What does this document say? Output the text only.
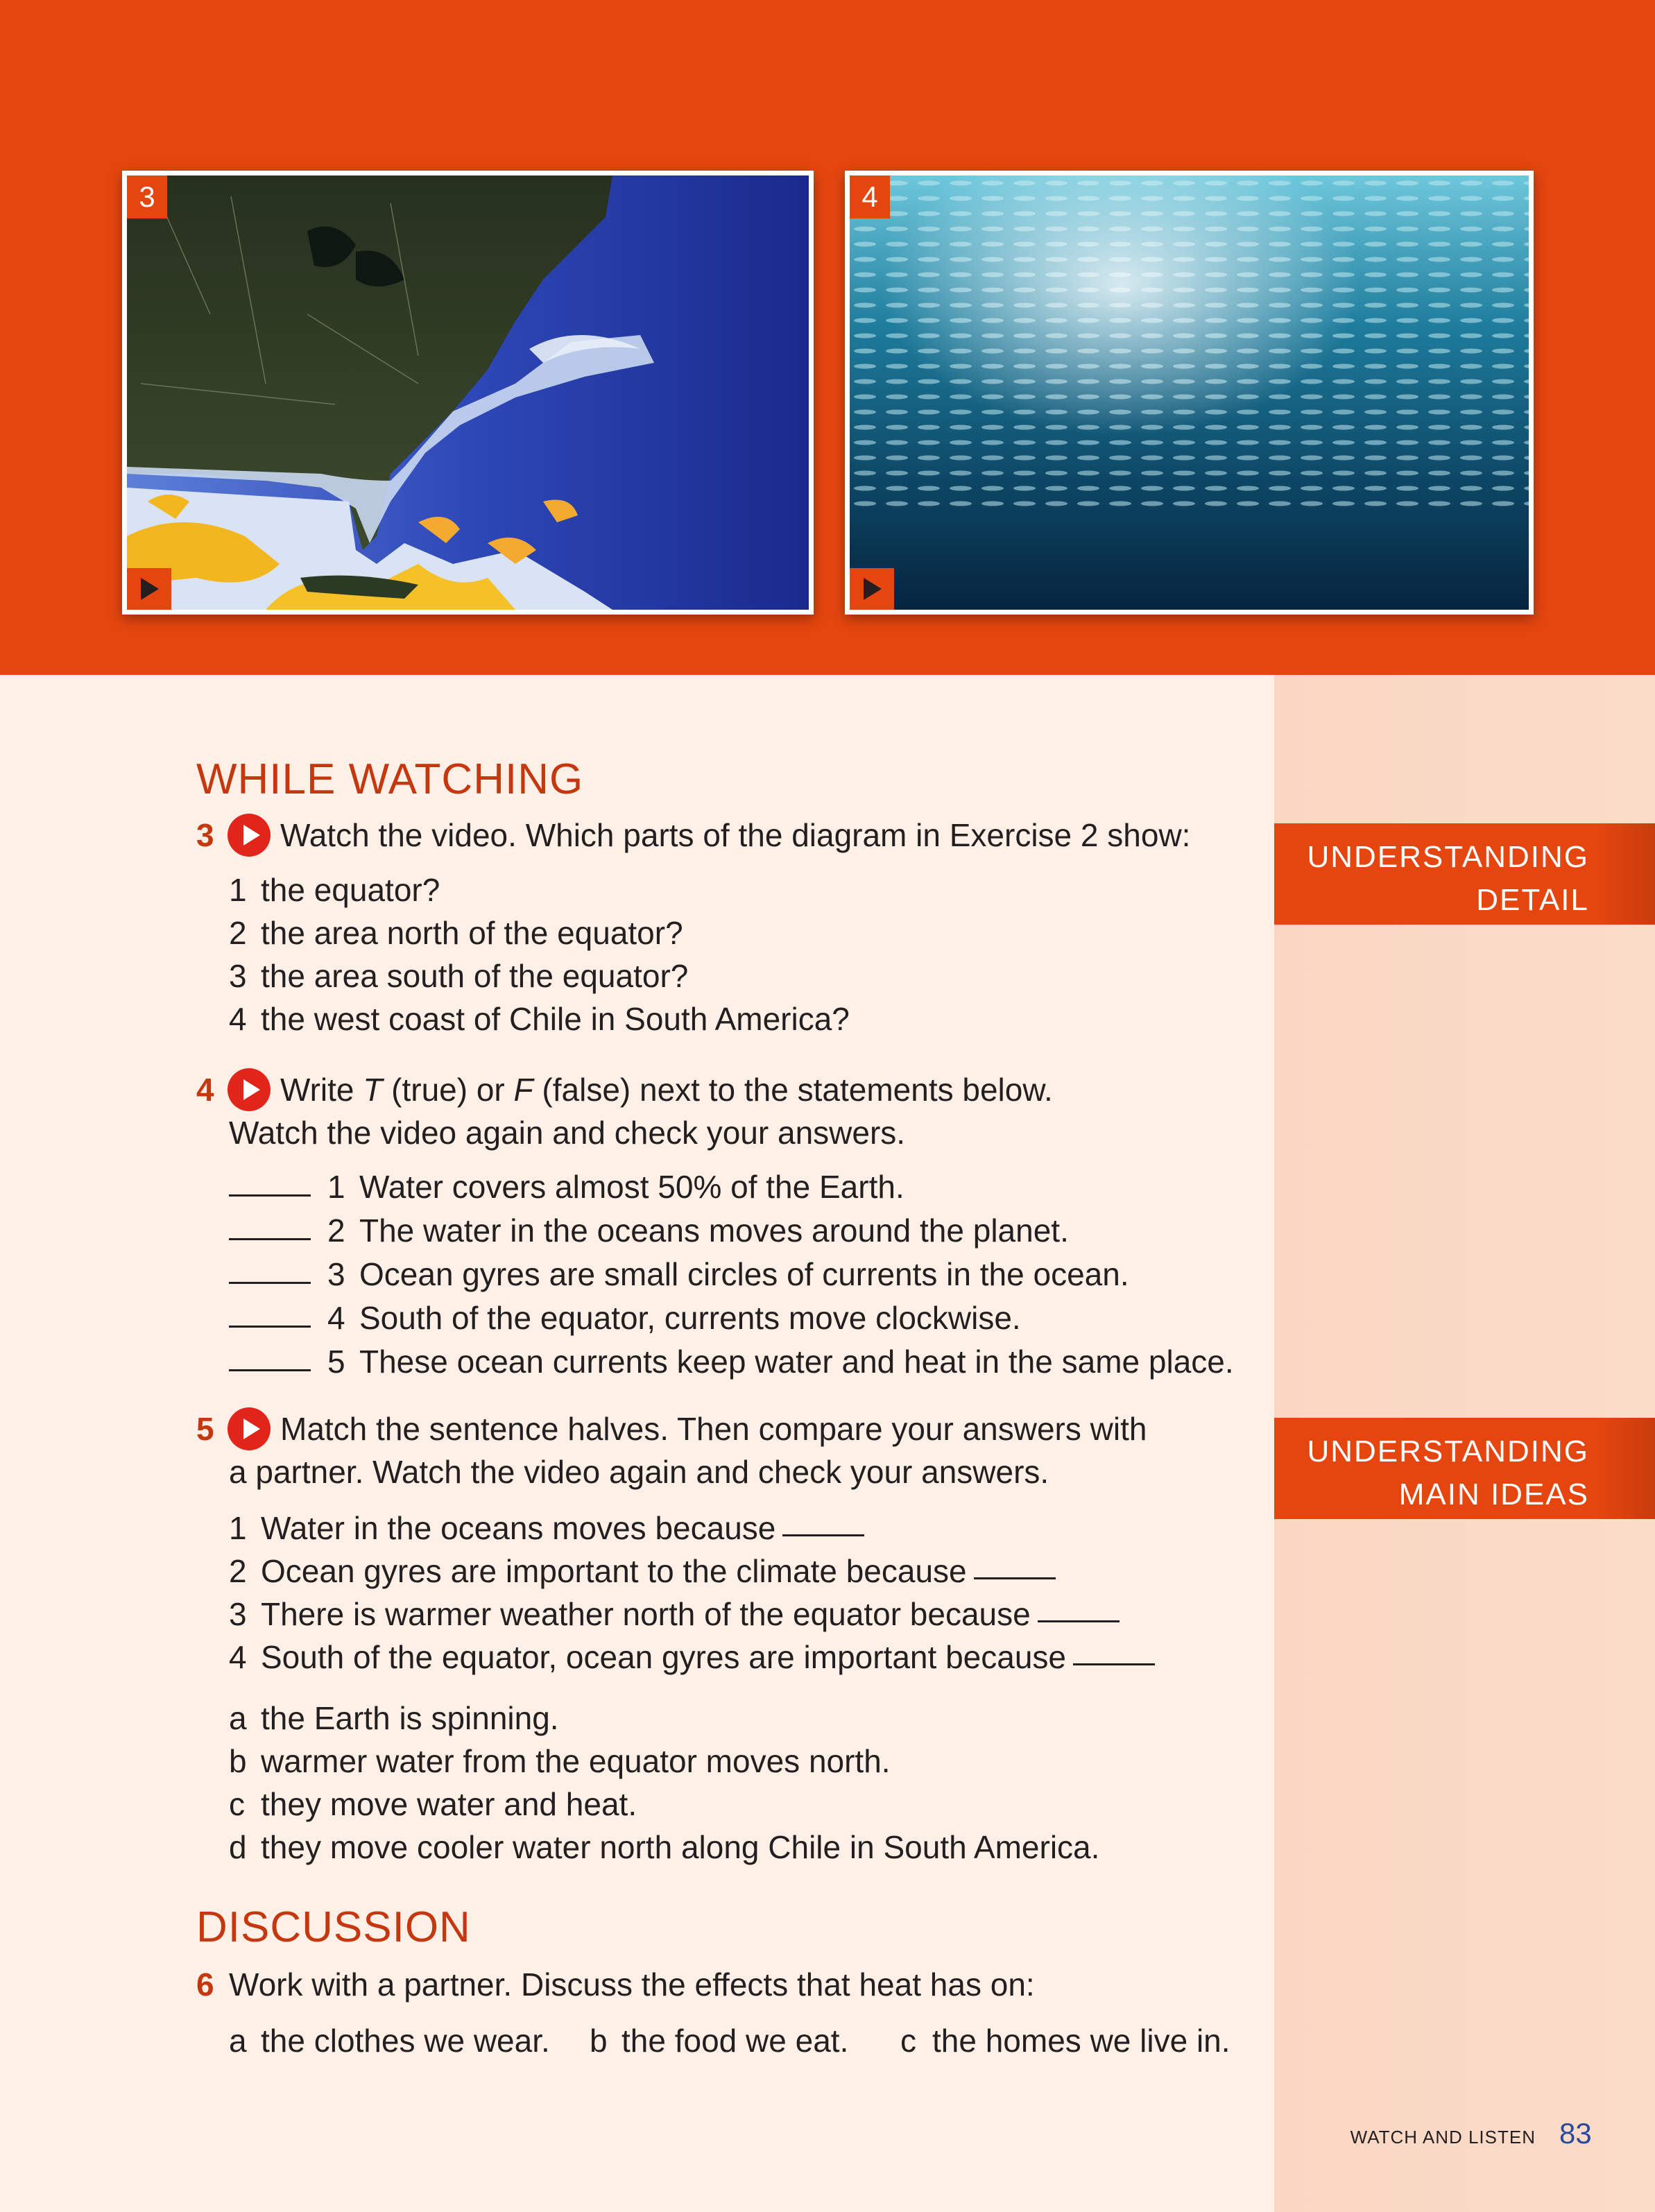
3	4
WHILE WATCHING
UNDERSTANDING
DETAIL
UNDERSTANDING
MAIN IDEAS
3 Watch the video. Which parts of the diagram in Exercise 2 show:
1 the equator?
2 the area north of the equator?
3 the area south of the equator?
4 the west coast of Chile in South America?
4 Write T (true) or F (false) next to the statements below.
Watch the video again and check your answers.
1 Water covers almost 50% of the Earth.
2 The water in the oceans moves around the planet.
3 Ocean gyres are small circles of currents in the ocean.
4 South of the equator, currents move clockwise.
5 These ocean currents keep water and heat in the same place.
5 Match the sentence halves. Then compare your answers with
a partner. Watch the video again and check your answers.
1 Water in the oceans moves because
2 Ocean gyres are important to the climate because
3 There is warmer weather north of the equator because
4 South of the equator, ocean gyres are important because
a the Earth is spinning.
b warmer water from the equator moves north.
c they move water and heat.
d they move cooler water north along Chile in South America.
DISCUSSION
6 Work with a partner. Discuss the effects that heat has on:
a the clothes we wear. b the food we eat. c the homes we live in.
WATCH AND LISTEN 83
